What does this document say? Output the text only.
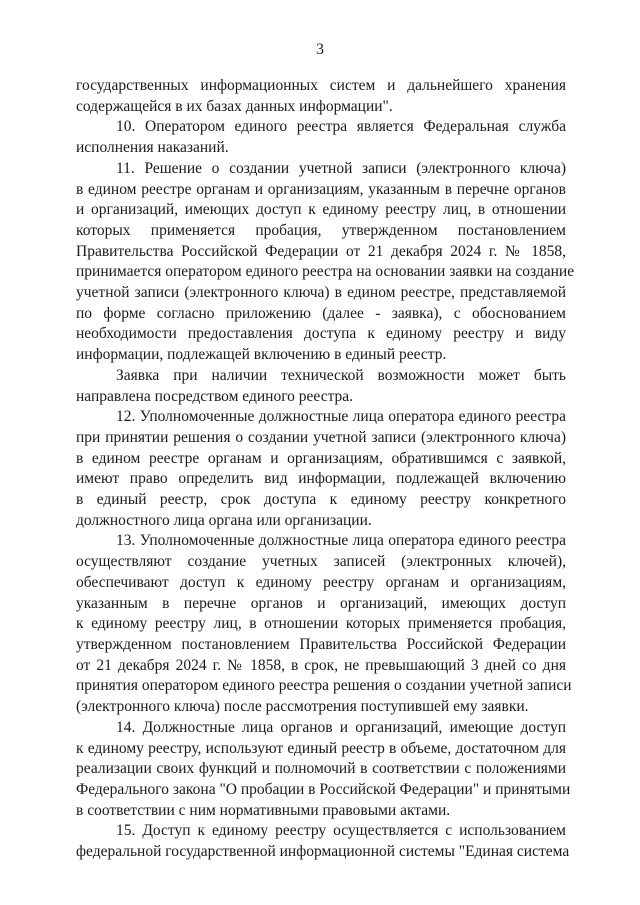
3
государственных информационных систем и дальнейшего хранения
содержащейся в их базах данных информации".
10. Оператором единого реестра является Федеральная служба
исполнения наказаний.
11. Решение о создании учетной записи (электронного ключа)
в едином реестре органам и организациям, указанным в перечне органов
и организаций, имеющих доступ к единому реестру лиц, в отношении
которых применяется пробация, утвержденном постановлением
Правительства Российской Федерации от 21 декабря 2024 г. № 1858,
принимается оператором единого реестра на основании заявки на создание
учетной записи (электронного ключа) в едином реестре, представляемой
по форме согласно приложению (далее - заявка), с обоснованием
необходимости предоставления доступа к единому реестру и виду
информации, подлежащей включению в единый реестр.
Заявка при наличии технической возможности может быть
направлена посредством единого реестра.
12. Уполномоченные должностные лица оператора единого реестра
при принятии решения о создании учетной записи (электронного ключа)
в едином реестре органам и организациям, обратившимся с заявкой,
имеют право определить вид информации, подлежащей включению
в единый реестр, срок доступа к единому реестру конкретного
должностного лица органа или организации.
13. Уполномоченные должностные лица оператора единого реестра
осуществляют создание учетных записей (электронных ключей),
обеспечивают доступ к единому реестру органам и организациям,
указанным в перечне органов и организаций, имеющих доступ
к единому реестру лиц, в отношении которых применяется пробация,
утвержденном постановлением Правительства Российской Федерации
от 21 декабря 2024 г. № 1858, в срок, не превышающий 3 дней со дня
принятия оператором единого реестра решения о создании учетной записи
(электронного ключа) после рассмотрения поступившей ему заявки.
14. Должностные лица органов и организаций, имеющие доступ
к единому реестру, используют единый реестр в объеме, достаточном для
реализации своих функций и полномочий в соответствии с положениями
Федерального закона "О пробации в Российской Федерации" и принятыми
в соответствии с ним нормативными правовыми актами.
15. Доступ к единому реестру осуществляется с использованием
федеральной государственной информационной системы "Единая система
